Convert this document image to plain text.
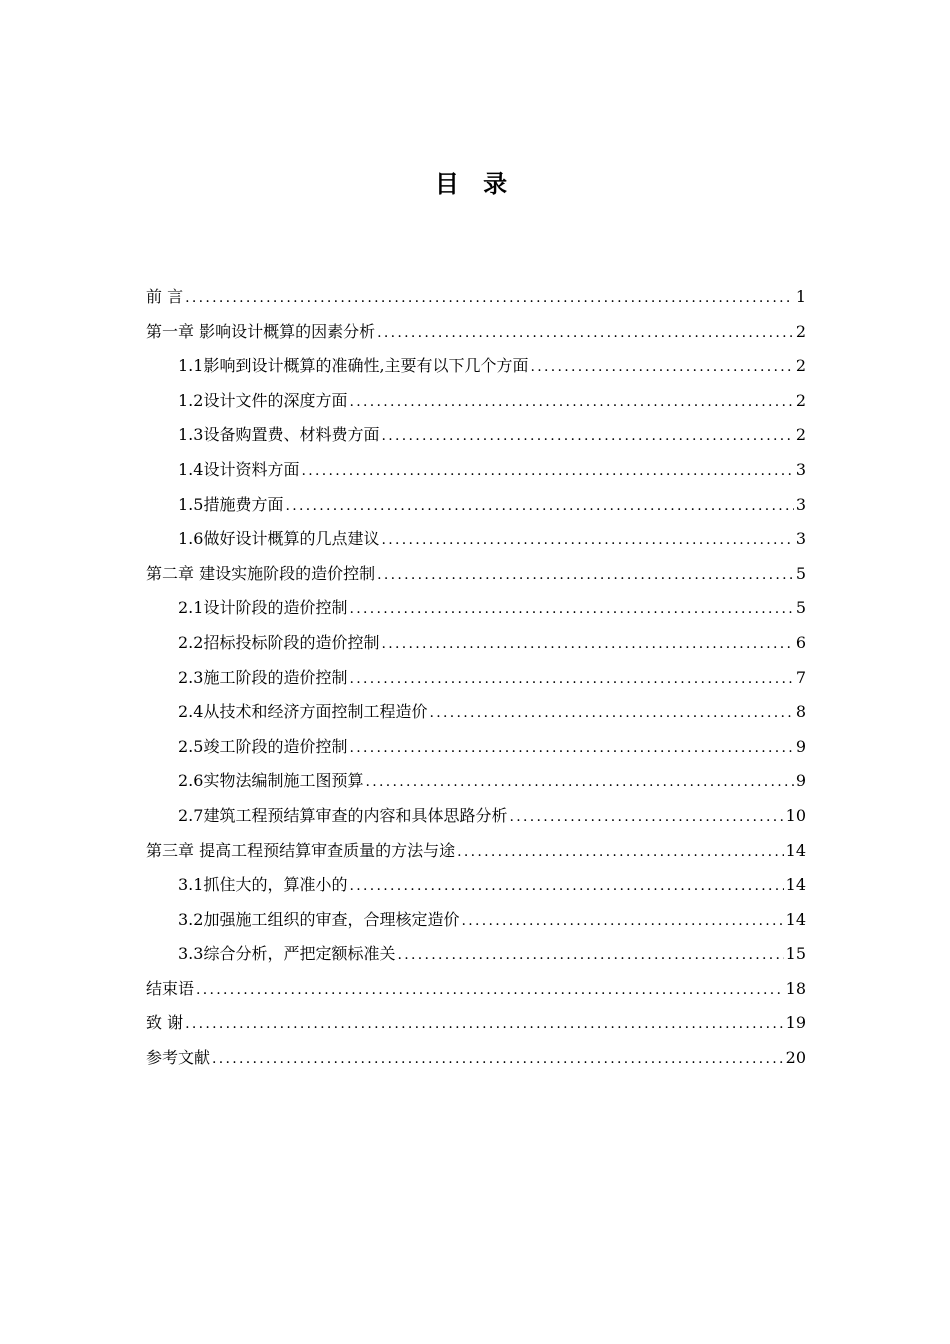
目 录
前 言 .....	1
第一章 影响设计概算的因素分析 .....	2
1.1影响到设计概算的准确性,主要有以下几个方面 .....	2
1.2设计文件的深度方面 .....	2
1.3设备购置费、材料费方面 .....	2
1.4设计资料方面 .....	3
1.5措施费方面 .....	3
1.6做好设计概算的几点建议 .....	3
第二章 建设实施阶段的造价控制 .....	5
2.1设计阶段的造价控制 .....	5
2.2招标投标阶段的造价控制 .....	6
2.3施工阶段的造价控制 .....	7
2.4从技术和经济方面控制工程造价 .....	8
2.5竣工阶段的造价控制 .....	9
2.6实物法编制施工图预算 .....	9
2.7建筑工程预结算审查的内容和具体思路分析 .....	10
第三章 提高工程预结算审查质量的方法与途 .....	14
3.1抓住大的，算准小的 .....	14
3.2加强施工组织的审查，合理核定造价 .....	14
3.3综合分析，严把定额标准关 .....	15
结束语 .....	18
致 谢 .....	19
参考文献 .....	20
